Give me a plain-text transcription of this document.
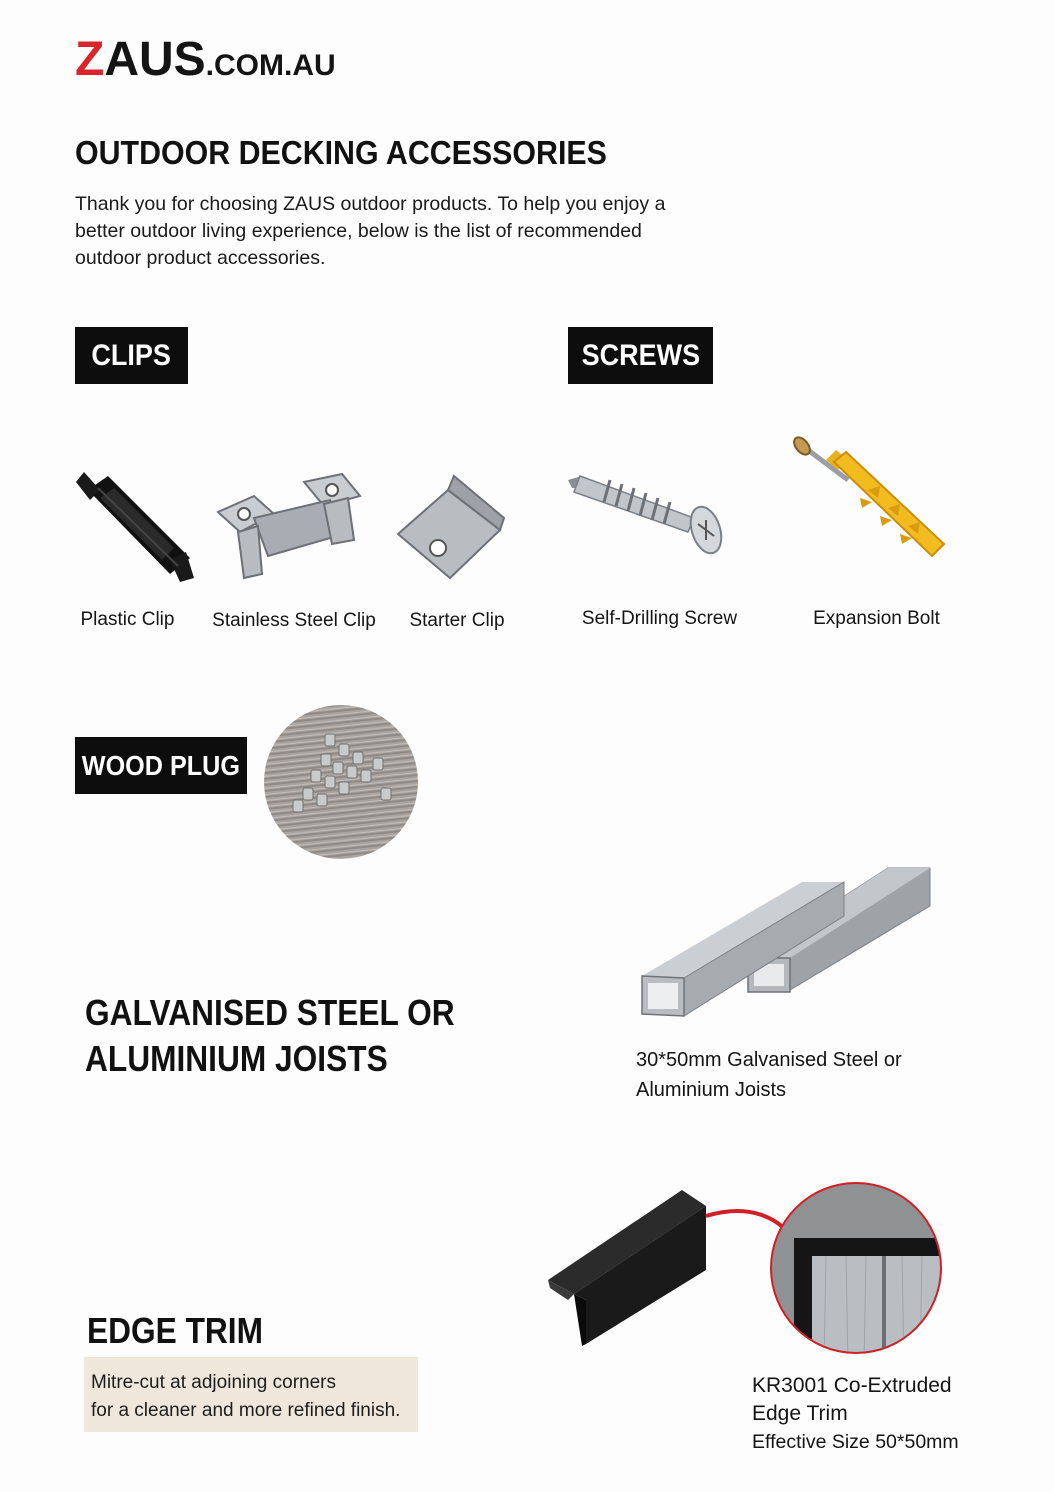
ZAUS.COM.AU
OUTDOOR DECKING ACCESSORIES
Thank you for choosing ZAUS outdoor products. To help you enjoy a
better outdoor living experience, below is the list of recommended
outdoor product accessories.
CLIPS
Plastic Clip	Stainless Steel Clip	Starter Clip
SCREWS
Self-Drilling Screw	Expansion Bolt
WOOD PLUG
GALVANISED STEEL OR
ALUMINIUM JOISTS	30*50mm Galvanised Steel or
Aluminium Joists
EDGE TRIM
Mitre-cut at adjoining corners
for a cleaner and more refined finish.
KR3001 Co-Extruded
Edge Trim
Effective Size 50*50mm
